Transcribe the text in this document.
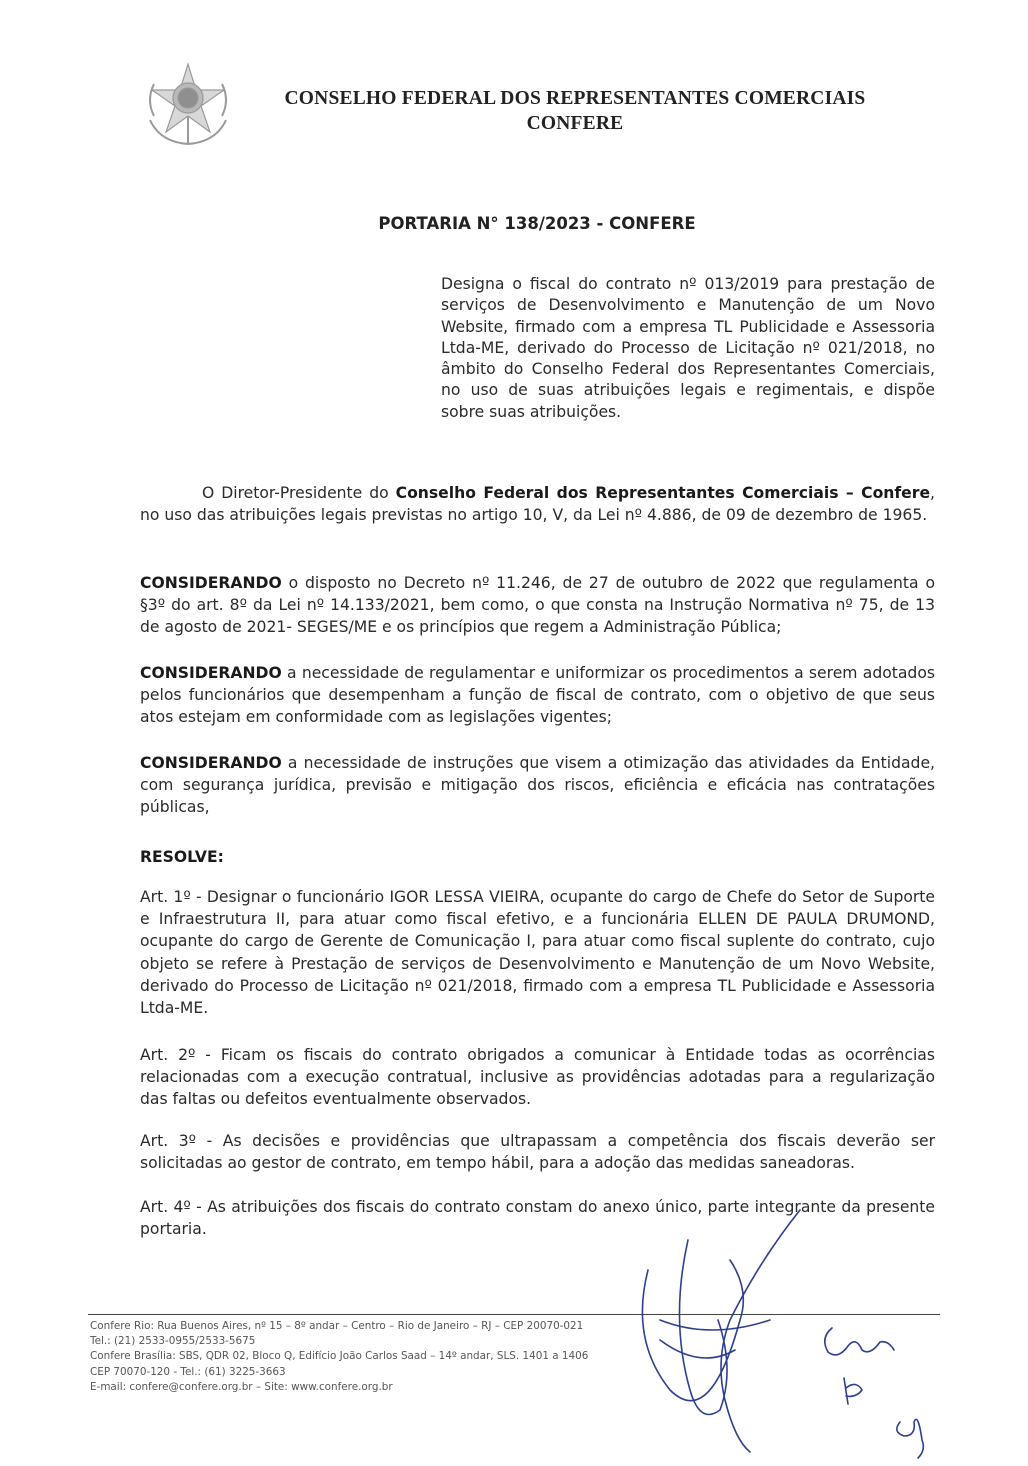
CONSELHO FEDERAL DOS REPRESENTANTES COMERCIAIS
CONFERE
PORTARIA N° 138/2023 - CONFERE
Designa o fiscal do contrato nº 013/2019 para prestação de serviços de Desenvolvimento e Manutenção de um Novo Website, firmado com a empresa TL Publicidade e Assessoria Ltda-ME, derivado do Processo de Licitação nº 021/2018, no âmbito do Conselho Federal dos Representantes Comerciais, no uso de suas atribuições legais e regimentais, e dispõe sobre suas atribuições.
O Diretor-Presidente do Conselho Federal dos Representantes Comerciais – Confere, no uso das atribuições legais previstas no artigo 10, V, da Lei nº 4.886, de 09 de dezembro de 1965.
CONSIDERANDO o disposto no Decreto nº 11.246, de 27 de outubro de 2022 que regulamenta o §3º do art. 8º da Lei nº 14.133/2021, bem como, o que consta na Instrução Normativa nº 75, de 13 de agosto de 2021- SEGES/ME e os princípios que regem a Administração Pública;
CONSIDERANDO a necessidade de regulamentar e uniformizar os procedimentos a serem adotados pelos funcionários que desempenham a função de fiscal de contrato, com o objetivo de que seus atos estejam em conformidade com as legislações vigentes;
CONSIDERANDO a necessidade de instruções que visem a otimização das atividades da Entidade, com segurança jurídica, previsão e mitigação dos riscos, eficiência e eficácia nas contratações públicas,
RESOLVE:
Art. 1º - Designar o funcionário IGOR LESSA VIEIRA, ocupante do cargo de Chefe do Setor de Suporte e Infraestrutura II, para atuar como fiscal efetivo, e a funcionária ELLEN DE PAULA DRUMOND, ocupante do cargo de Gerente de Comunicação I, para atuar como fiscal suplente do contrato, cujo objeto se refere à Prestação de serviços de Desenvolvimento e Manutenção de um Novo Website, derivado do Processo de Licitação nº 021/2018, firmado com a empresa TL Publicidade e Assessoria Ltda-ME.
Art. 2º - Ficam os fiscais do contrato obrigados a comunicar à Entidade todas as ocorrências relacionadas com a execução contratual, inclusive as providências adotadas para a regularização das faltas ou defeitos eventualmente observados.
Art. 3º - As decisões e providências que ultrapassam a competência dos fiscais deverão ser solicitadas ao gestor de contrato, em tempo hábil, para a adoção das medidas saneadoras.
Art. 4º - As atribuições dos fiscais do contrato constam do anexo único, parte integrante da presente portaria.
Confere Rio: Rua Buenos Aires, nº 15 – 8º andar – Centro – Rio de Janeiro – RJ – CEP 20070-021
Tel.: (21) 2533-0955/2533-5675
Confere Brasília: SBS, QDR 02, Bloco Q, Edifício João Carlos Saad – 14º andar, SLS. 1401 a 1406
CEP 70070-120 - Tel.: (61) 3225-3663
E-mail: confere@confere.org.br – Site: www.confere.org.br
